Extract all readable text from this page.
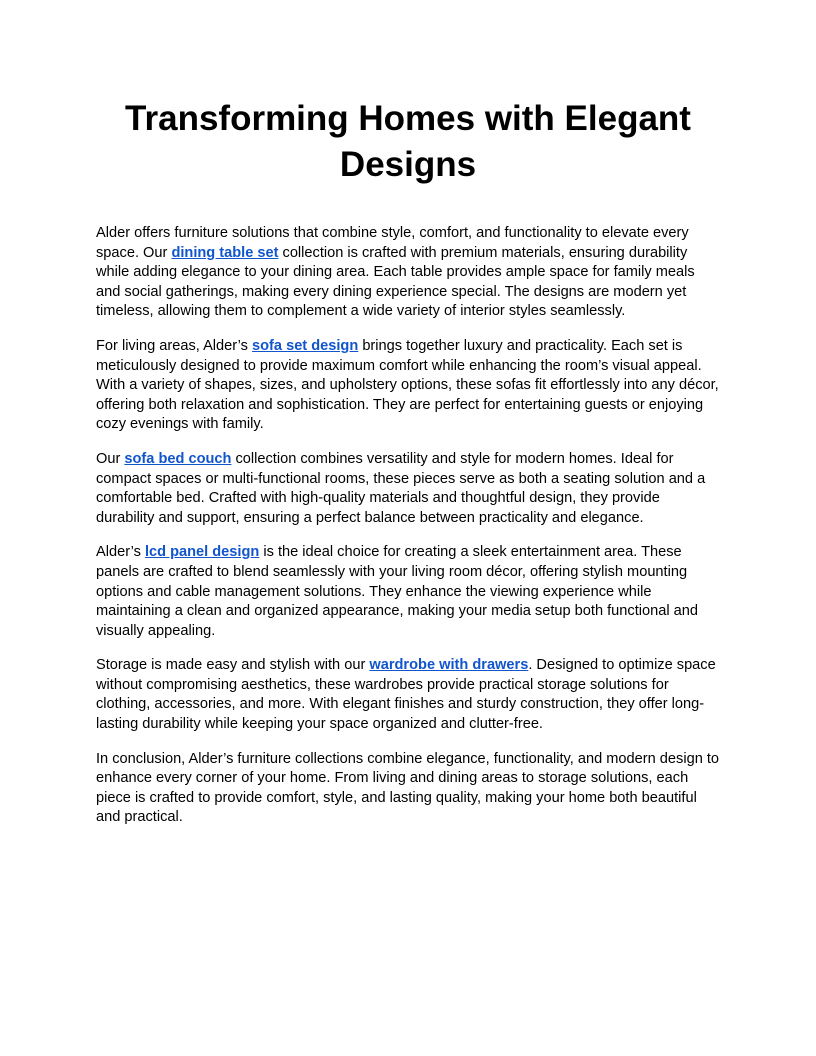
Transforming Homes with Elegant Designs

Alder offers furniture solutions that combine style, comfort, and functionality to elevate every space. Our dining table set collection is crafted with premium materials, ensuring durability while adding elegance to your dining area. Each table provides ample space for family meals and social gatherings, making every dining experience special. The designs are modern yet timeless, allowing them to complement a wide variety of interior styles seamlessly.

For living areas, Alder’s sofa set design brings together luxury and practicality. Each set is meticulously designed to provide maximum comfort while enhancing the room’s visual appeal. With a variety of shapes, sizes, and upholstery options, these sofas fit effortlessly into any décor, offering both relaxation and sophistication. They are perfect for entertaining guests or enjoying cozy evenings with family.

Our sofa bed couch collection combines versatility and style for modern homes. Ideal for compact spaces or multi-functional rooms, these pieces serve as both a seating solution and a comfortable bed. Crafted with high-quality materials and thoughtful design, they provide durability and support, ensuring a perfect balance between practicality and elegance.

Alder’s lcd panel design is the ideal choice for creating a sleek entertainment area. These panels are crafted to blend seamlessly with your living room décor, offering stylish mounting options and cable management solutions. They enhance the viewing experience while maintaining a clean and organized appearance, making your media setup both functional and visually appealing.

Storage is made easy and stylish with our wardrobe with drawers. Designed to optimize space without compromising aesthetics, these wardrobes provide practical storage solutions for clothing, accessories, and more. With elegant finishes and sturdy construction, they offer long-lasting durability while keeping your space organized and clutter-free.

In conclusion, Alder’s furniture collections combine elegance, functionality, and modern design to enhance every corner of your home. From living and dining areas to storage solutions, each piece is crafted to provide comfort, style, and lasting quality, making your home both beautiful and practical.
